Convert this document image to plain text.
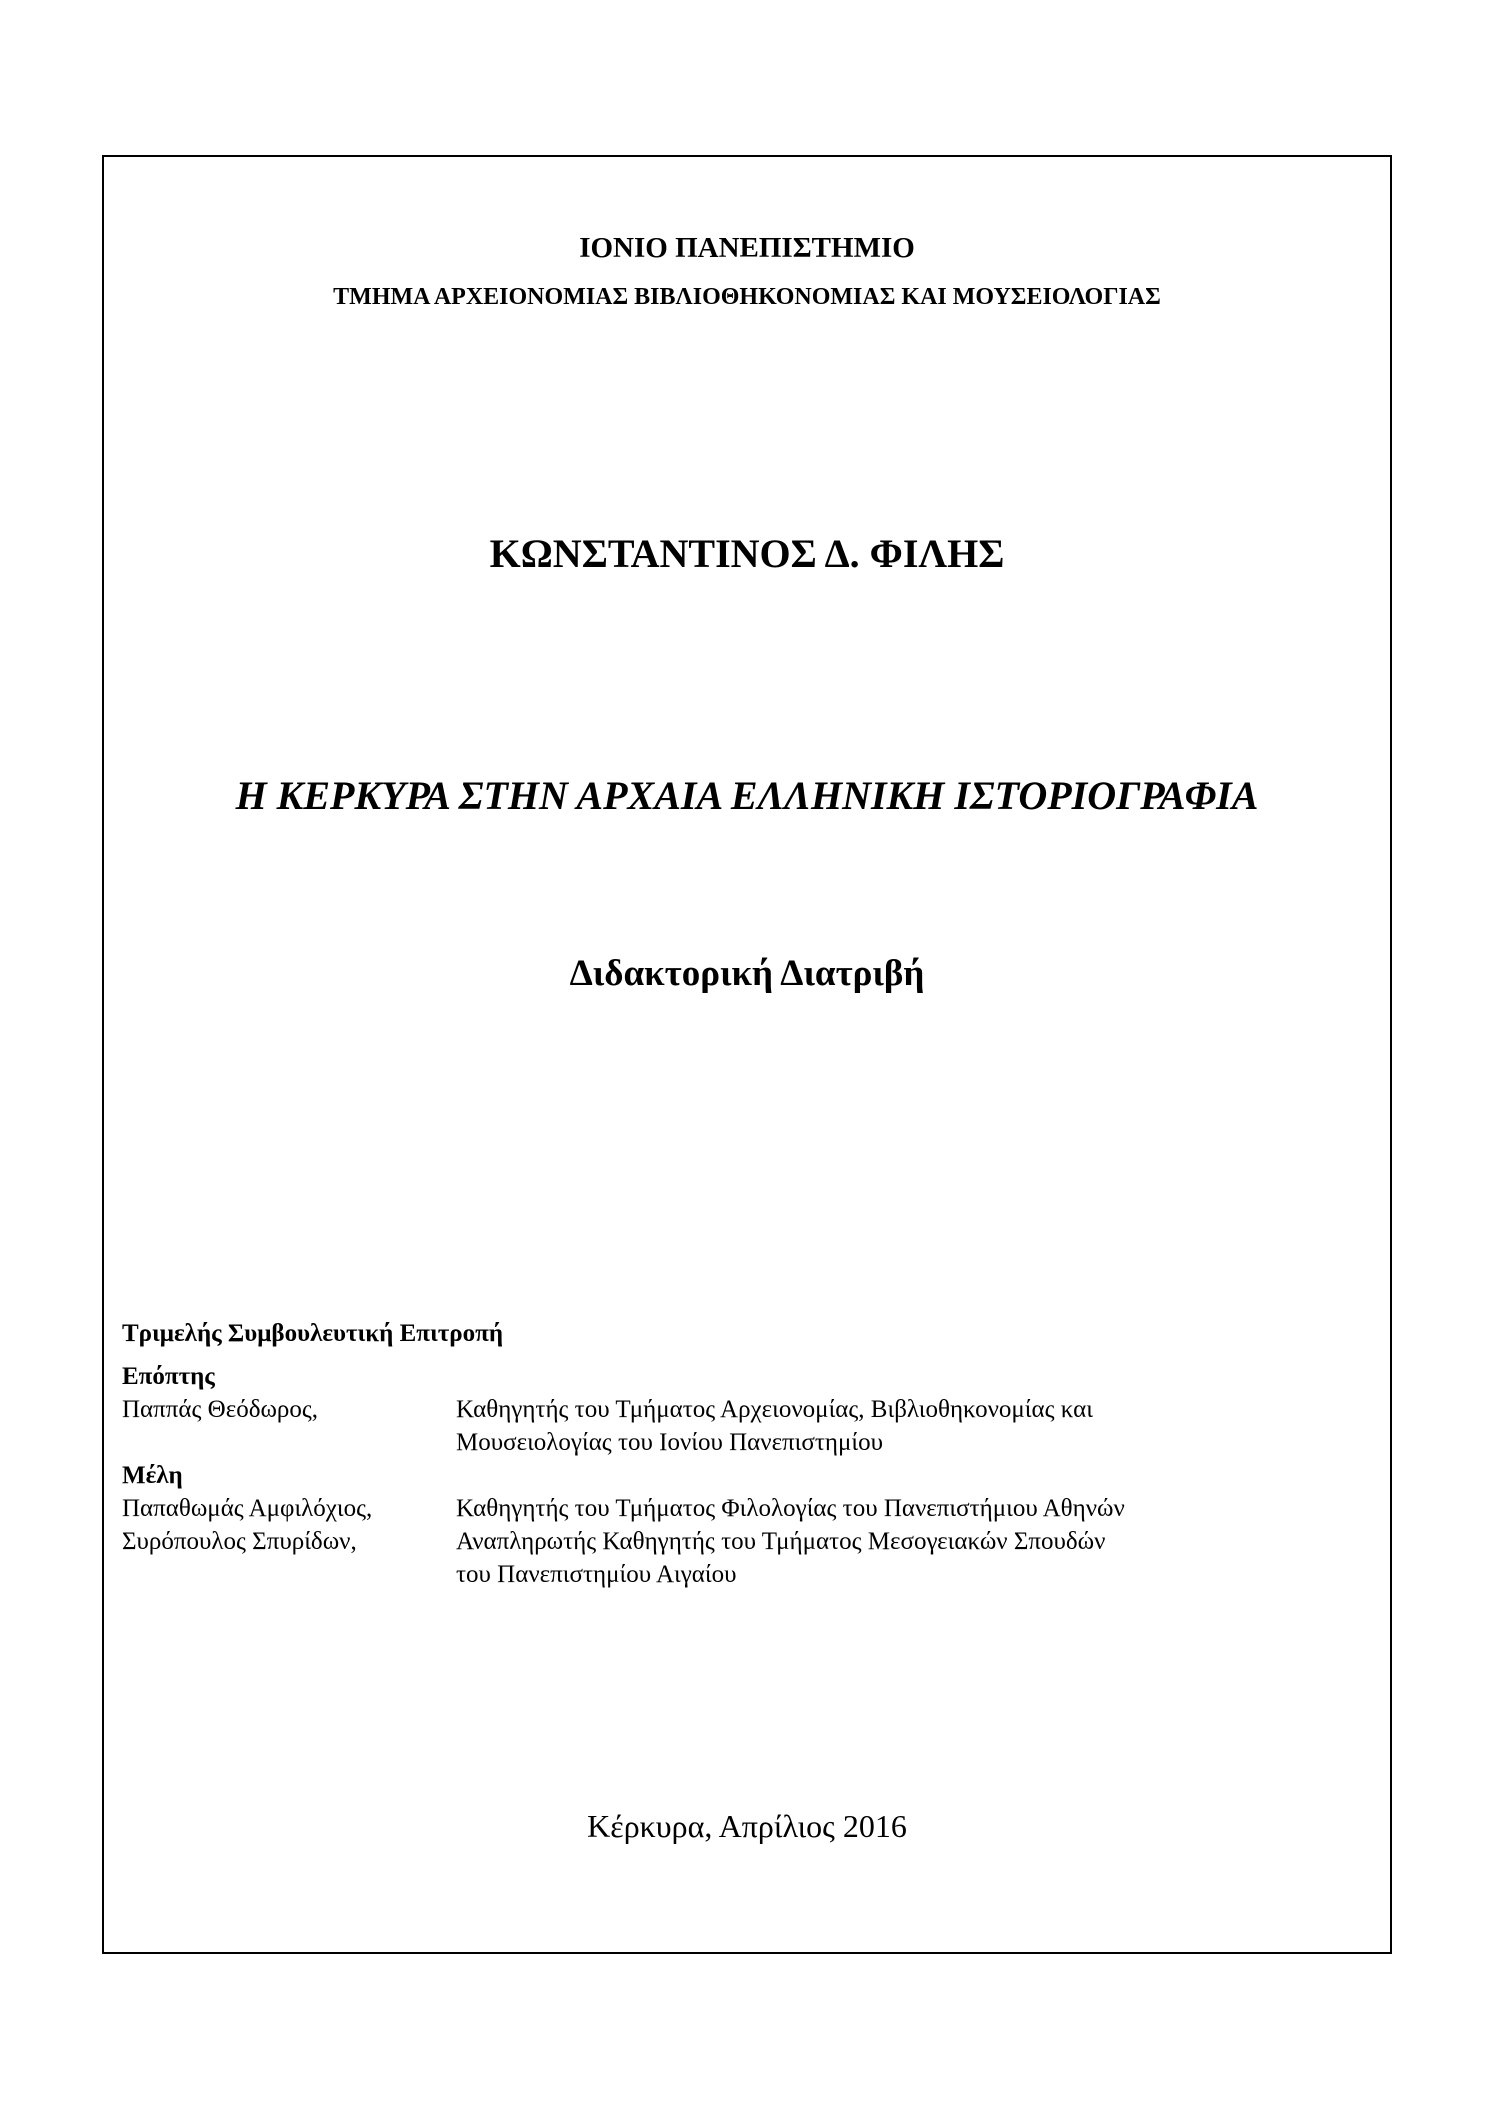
ΙΟΝΙΟ ΠΑΝΕΠΙΣΤΗΜΙΟ
ΤΜΗΜΑ ΑΡΧΕΙΟΝΟΜΙΑΣ ΒΙΒΛΙΟΘΗΚΟΝΟΜΙΑΣ ΚΑΙ ΜΟΥΣΕΙΟΛΟΓΙΑΣ
ΚΩΝΣΤΑΝΤΙΝΟΣ Δ. ΦΙΛΗΣ
Η ΚΕΡΚΥΡΑ ΣΤΗΝ ΑΡΧΑΙΑ ΕΛΛΗΝΙΚΗ ΙΣΤΟΡΙΟΓΡΑΦΙΑ
Διδακτορική Διατριβή
Τριμελής Συμβουλευτική Επιτροπή
Επόπτης
Παππάς Θεόδωρος,	Καθηγητής του Τμήματος Αρχειονομίας, Βιβλιοθηκονομίας και
Μουσειολογίας του Ιονίου Πανεπιστημίου
Μέλη
Παπαθωμάς Αμφιλόχιος,	Καθηγητής του Τμήματος Φιλολογίας του Πανεπιστήμιου Αθηνών
Συρόπουλος Σπυρίδων,	Αναπληρωτής Καθηγητής του Τμήματος Μεσογειακών Σπουδών
του Πανεπιστημίου Αιγαίου
Κέρκυρα, Απρίλιος 2016
